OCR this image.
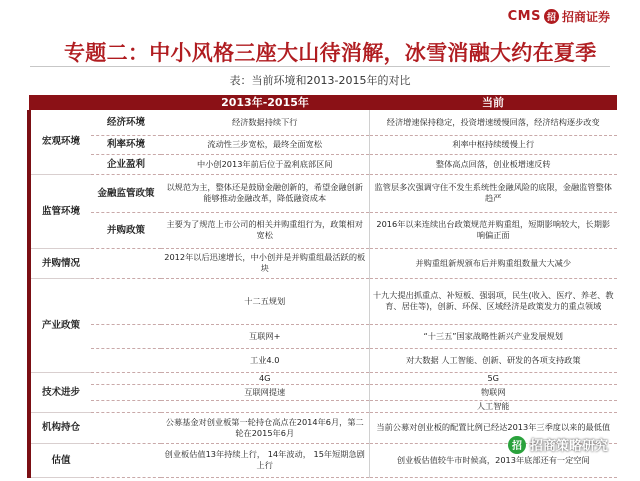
CMS 招 招商证券
专题二：中小风格三座大山待消解，冰雪消融大约在夏季
表：当前环境和2013-2015年的对比
		2013年-2015年	当前
宏观环境	经济环境	经济数据持续下行	经济增速保持稳定，投资增速缓慢回落，经济结构逐步改变
	利率环境	流动性三步宽松，最终全面宽松	利率中枢持续缓慢上行
	企业盈利	中小创2013年前后位于盈利底部区间	整体高点回落，创业板增速反转
监管环境	金融监管政策	以规范为主，整体还是鼓励金融创新的，希望金融创新能够推动金融改革，降低融资成本	监管层多次强调守住不发生系统性金融风险的底限，金融监管整体趋严
	并购政策	主要为了规范上市公司的相关并购重组行为，政策相对宽松	2016年以来连续出台政策规范并购重组，短期影响较大，长期影响偏正面
并购情况		2012年以后迅速增长，中小创并是并购重组最活跃的板块	并购重组新规颁布后并购重组数量大大减少
产业政策		十二五规划	十九大提出抓重点、补短板、强弱项，民生(收入、医疗、养老、教育、居住等)，创新、环保、区域经济是政策发力的重点领域
		互联网+	“十三五”国家战略性新兴产业发展规划
		工业4.0	对大数据 人工智能、创新、研发的各项支持政策
技术进步		4G	5G
		互联网提速	物联网
			人工智能
机构持仓		公募基金对创业板第一轮持仓高点在2014年6月，第二轮在2015年6月	当前公募对创业板的配置比例已经达2013年三季度以来的最低值
估值		创业板估值13年持续上行， 14年波动， 15年短期急剧上行	创业板估值较牛市时候高，2013年底部还有一定空间
招 招商策略研究
